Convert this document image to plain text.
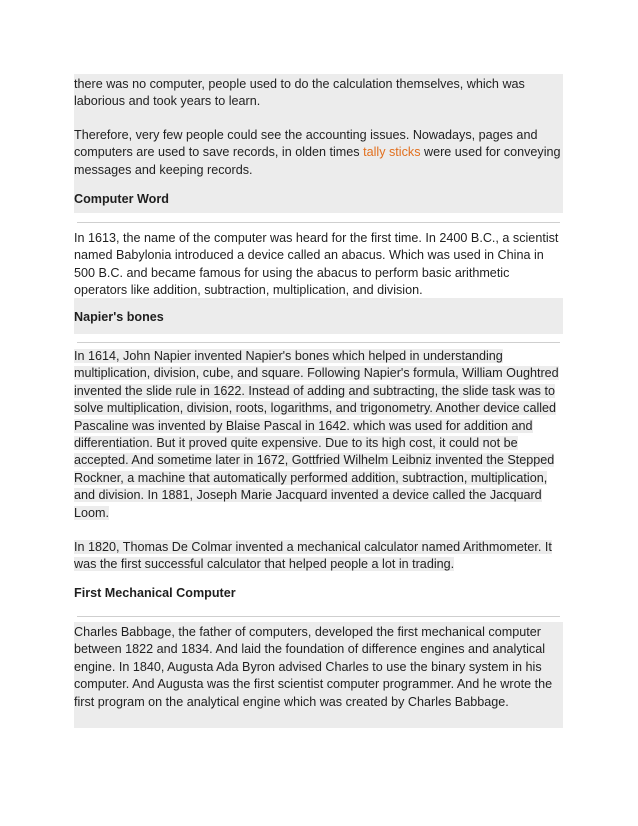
there was no computer, people used to do the calculation themselves, which was laborious and took years to learn.
Therefore, very few people could see the accounting issues. Nowadays, pages and computers are used to save records, in olden times tally sticks were used for conveying messages and keeping records.
Computer Word
In 1613, the name of the computer was heard for the first time. In 2400 B.C., a scientist named Babylonia introduced a device called an abacus. Which was used in China in 500 B.C. and became famous for using the abacus to perform basic arithmetic operators like addition, subtraction, multiplication, and division.
Napier's bones
In 1614, John Napier invented Napier's bones which helped in understanding multiplication, division, cube, and square. Following Napier's formula, William Oughtred invented the slide rule in 1622. Instead of adding and subtracting, the slide task was to solve multiplication, division, roots, logarithms, and trigonometry. Another device called Pascaline was invented by Blaise Pascal in 1642. which was used for addition and differentiation. But it proved quite expensive. Due to its high cost, it could not be accepted. And sometime later in 1672, Gottfried Wilhelm Leibniz invented the Stepped Rockner, a machine that automatically performed addition, subtraction, multiplication, and division. In 1881, Joseph Marie Jacquard invented a device called the Jacquard Loom.
In 1820, Thomas De Colmar invented a mechanical calculator named Arithmometer. It was the first successful calculator that helped people a lot in trading.
First Mechanical Computer
Charles Babbage, the father of computers, developed the first mechanical computer between 1822 and 1834. And laid the foundation of difference engines and analytical engine. In 1840, Augusta Ada Byron advised Charles to use the binary system in his computer. And Augusta was the first scientist computer programmer. And he wrote the first program on the analytical engine which was created by Charles Babbage.
